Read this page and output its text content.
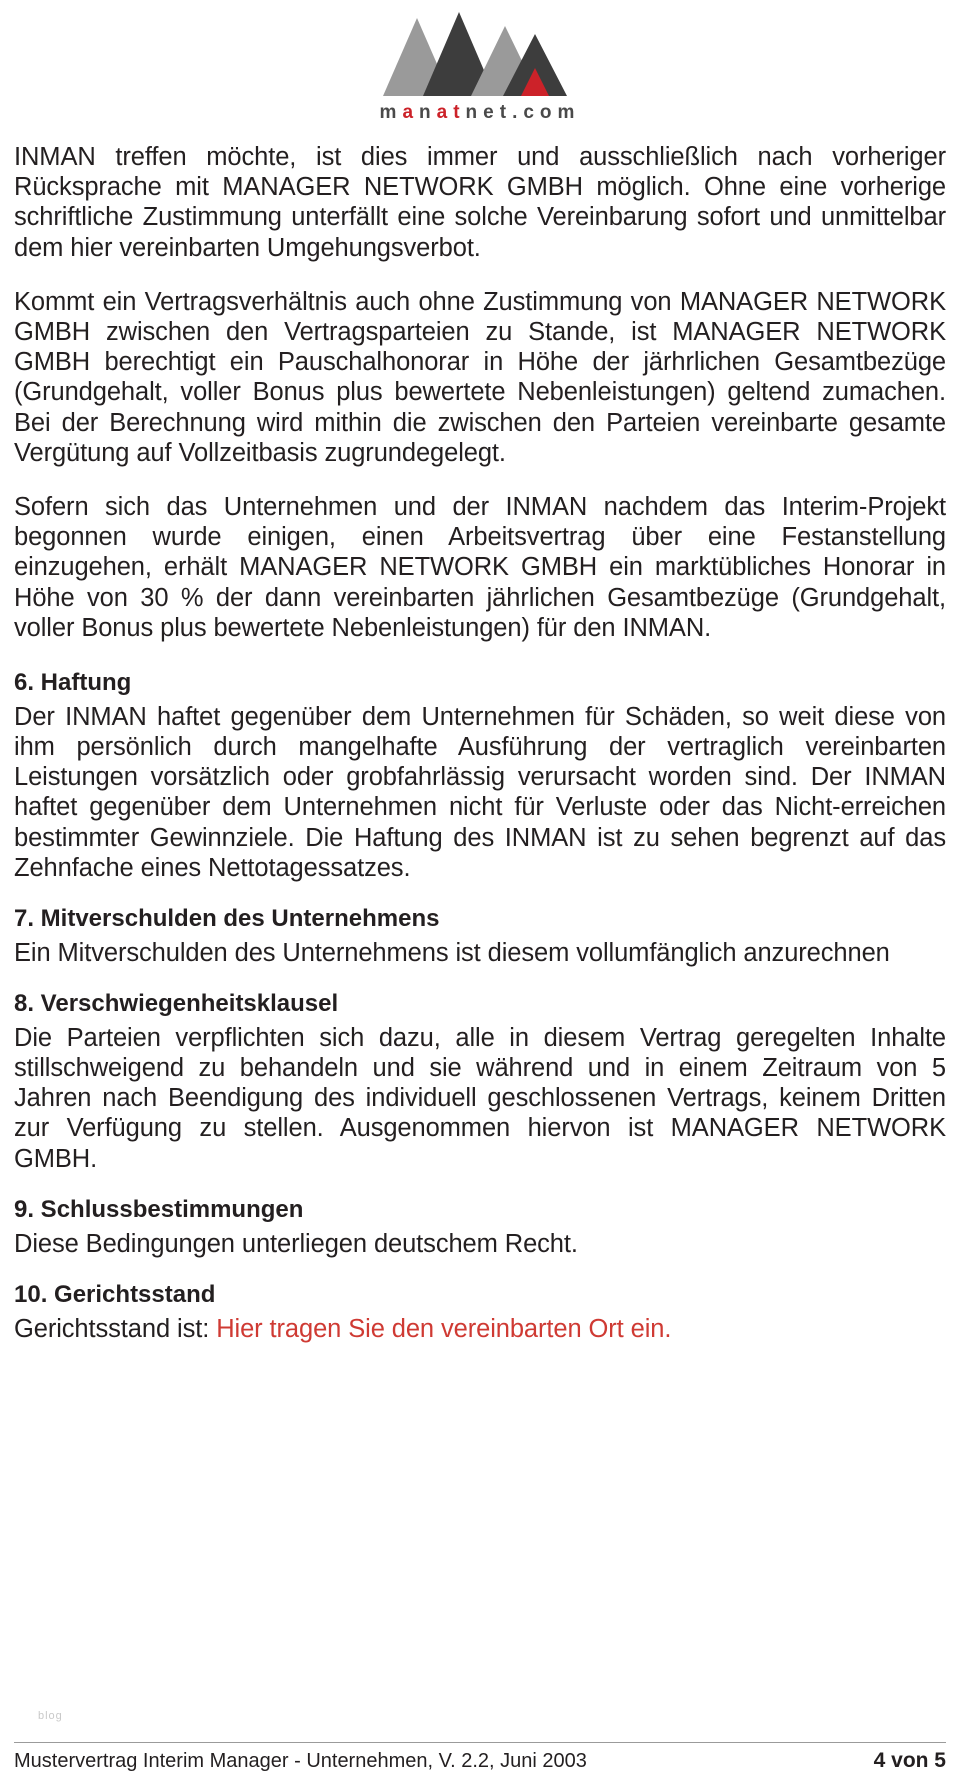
manatnet.com

INMAN treffen möchte, ist dies immer und ausschließlich nach vorheriger Rücksprache mit MANAGER NETWORK GMBH möglich. Ohne eine vorherige schriftliche Zustimmung unterfällt eine solche Vereinbarung sofort und unmittelbar dem hier vereinbarten Umgehungsverbot.

Kommt ein Vertragsverhältnis auch ohne Zustimmung von MANAGER NETWORK GMBH zwischen den Vertragsparteien zu Stande, ist MANAGER NETWORK GMBH berechtigt ein Pauschalhonorar in Höhe der järhrlichen Gesamtbezüge (Grundgehalt, voller Bonus plus bewertete Nebenleistungen) geltend zumachen. Bei der Berechnung wird mithin die zwischen den Parteien vereinbarte gesamte Vergütung auf Vollzeitbasis zugrundegelegt.

Sofern sich das Unternehmen und der INMAN nachdem das Interim-Projekt begonnen wurde einigen, einen Arbeitsvertrag über eine Festanstellung einzugehen, erhält MANAGER NETWORK GMBH ein marktübliches Honorar in Höhe von 30 % der dann vereinbarten jährlichen Gesamtbezüge (Grundgehalt, voller Bonus plus bewertete Nebenleistungen) für den INMAN.

6. Haftung

Der INMAN haftet gegenüber dem Unternehmen für Schäden, so weit diese von ihm persönlich durch mangelhafte Ausführung der vertraglich vereinbarten Leistungen vorsätzlich oder grobfahrlässig verursacht worden sind. Der INMAN haftet gegenüber dem Unternehmen nicht für Verluste oder das Nicht-erreichen bestimmter Gewinnziele. Die Haftung des INMAN ist zu sehen begrenzt auf das Zehnfache eines Nettotagessatzes.

7. Mitverschulden des Unternehmens

Ein Mitverschulden des Unternehmens ist diesem vollumfänglich anzurechnen

8. Verschwiegenheitsklausel

Die Parteien verpflichten sich dazu, alle in diesem Vertrag geregelten Inhalte stillschweigend zu behandeln und sie während und in einem Zeitraum von 5 Jahren nach Beendigung des individuell geschlossenen Vertrags, keinem Dritten zur Verfügung zu stellen. Ausgenommen hiervon ist MANAGER NETWORK GMBH.

9. Schlussbestimmungen

Diese Bedingungen unterliegen deutschem Recht.

10. Gerichtsstand

Gerichtsstand ist: Hier tragen Sie den vereinbarten Ort ein.

blog
Mustervertrag Interim Manager - Unternehmen, V. 2.2, Juni 2003	4 von 5
